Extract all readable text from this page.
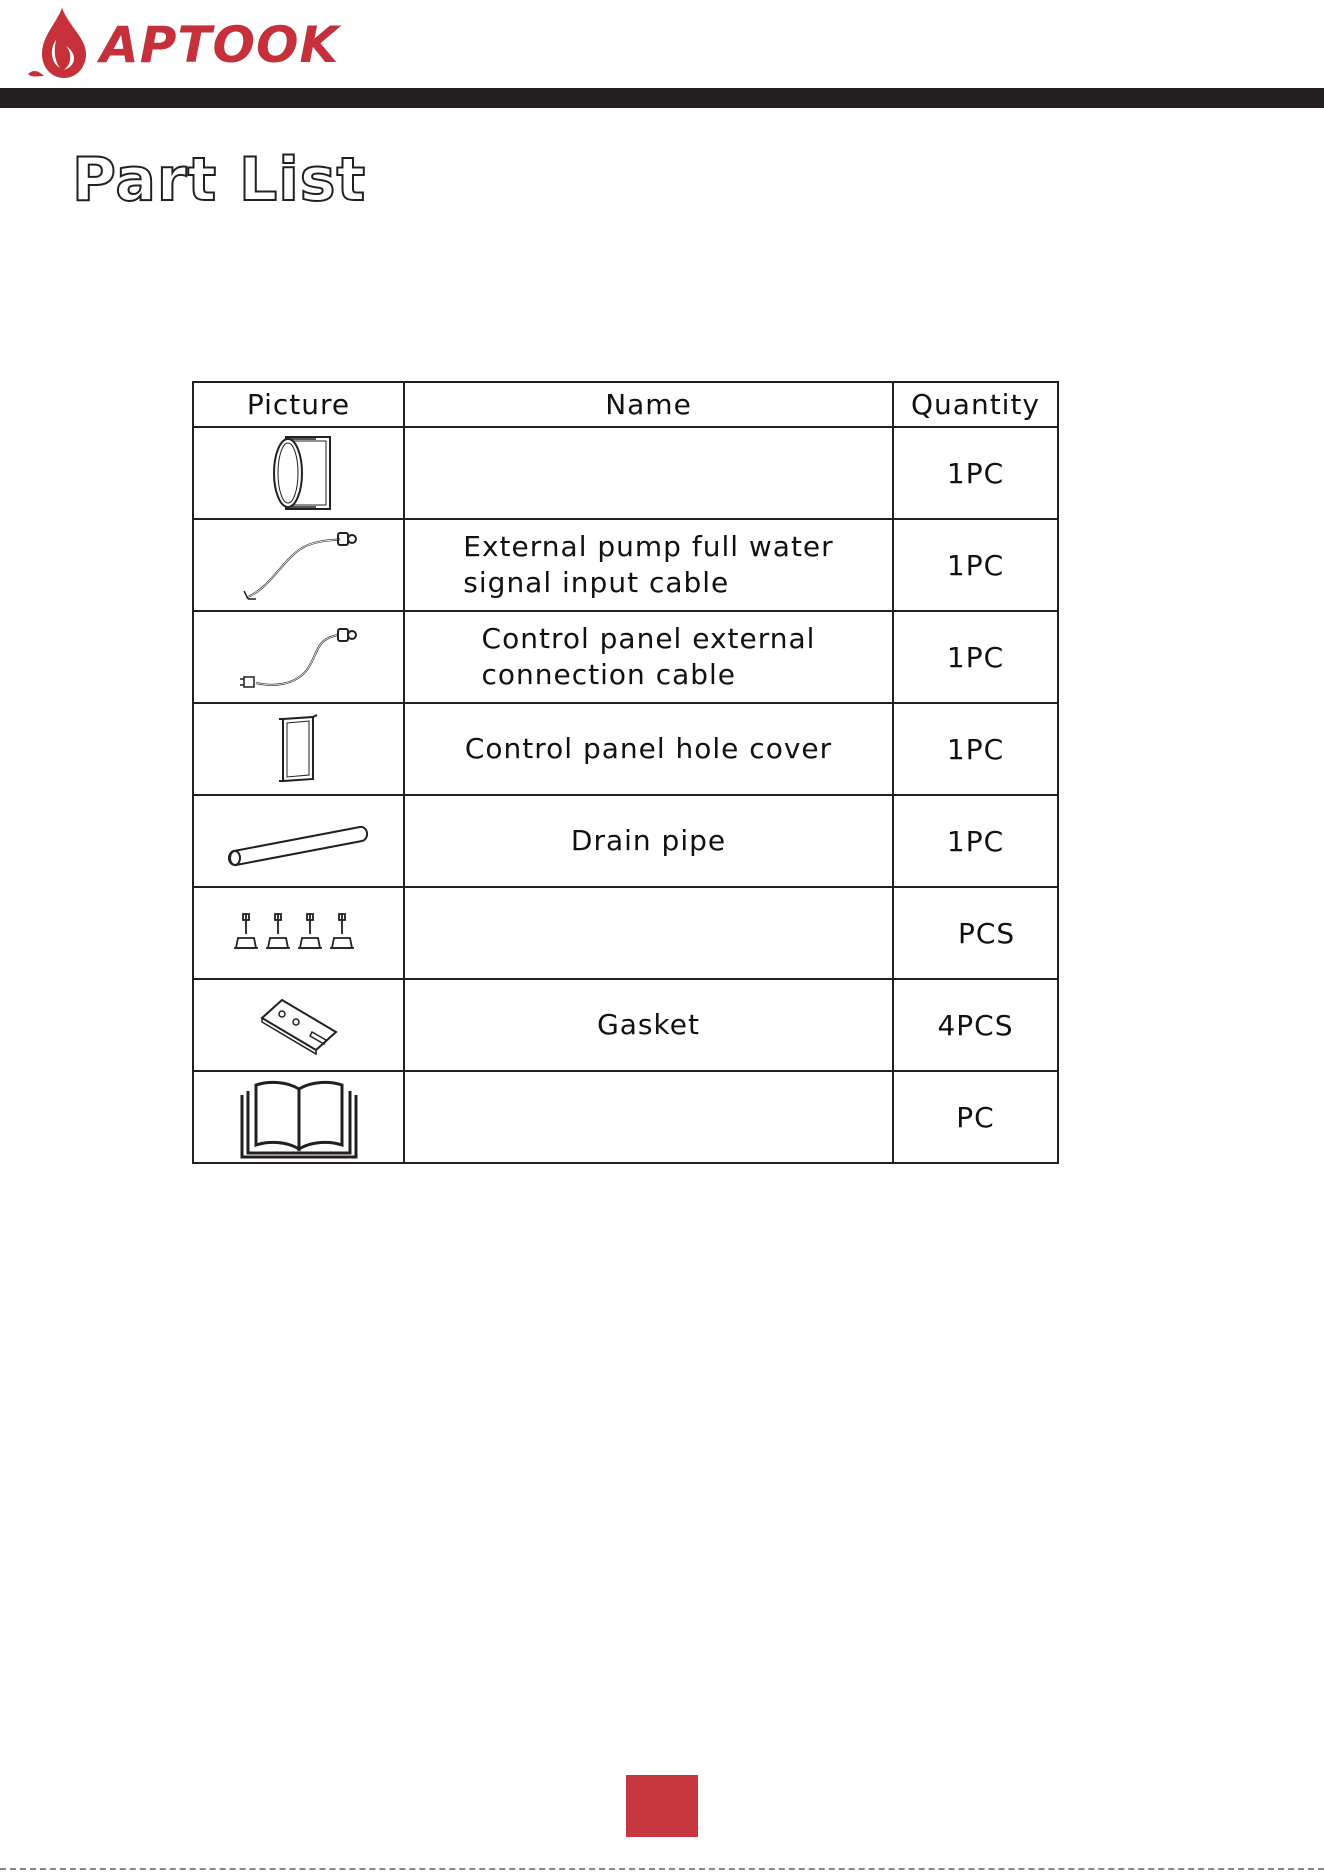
APTOOK
Part List
Picture	Name	Quantity

		1PC

	External pump full water
signal input cable	1PC

	Control panel external
connection cable	1PC

	Control panel hole cover	1PC

	Drain pipe	1PC

		PCS

	Gasket	4PCS

		PC
